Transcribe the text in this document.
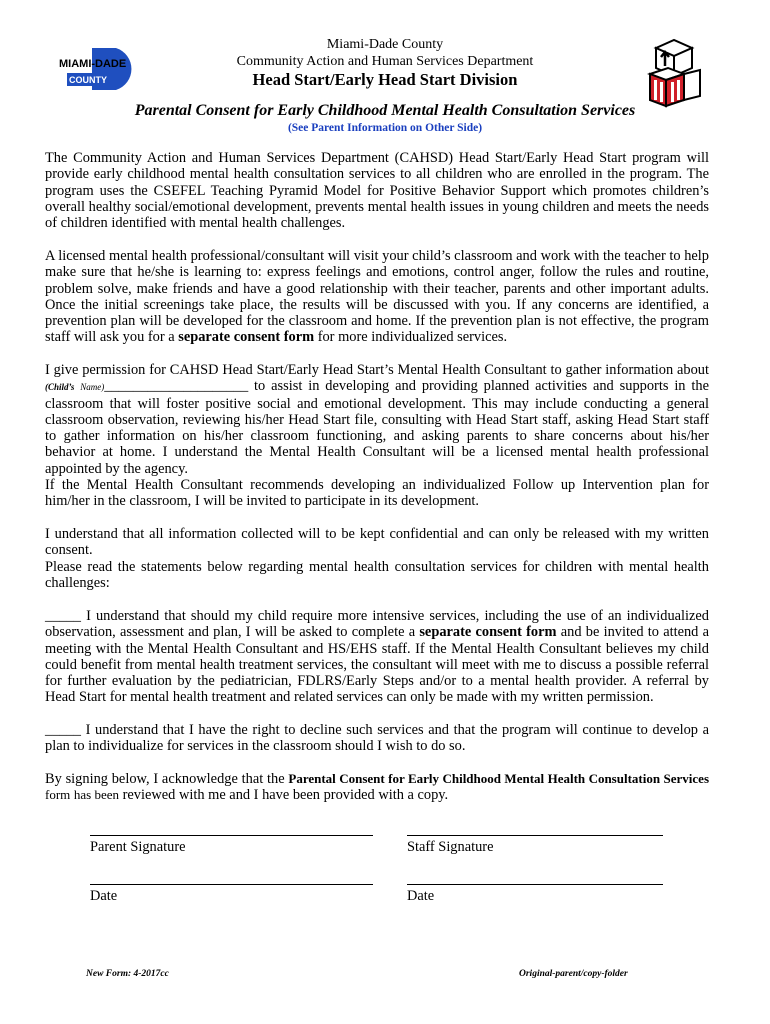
MIAMI-DADE
COUNTY
Miami-Dade County
Community Action and Human Services Department
Head Start/Early Head Start Division
Parental Consent for Early Childhood Mental Health Consultation Services
(See Parent Information on Other Side)
The Community Action and Human Services Department (CAHSD) Head Start/Early Head Start program will provide early childhood mental health consultation services to all children who are enrolled in the program. The program uses the CSEFEL Teaching Pyramid Model for Positive Behavior Support which promotes children’s overall healthy social/emotional development, prevents mental health issues in young children and meets the needs of children identified with mental health challenges.
A licensed mental health professional/consultant will visit your child’s classroom and work with the teacher to help make sure that he/she is learning to: express feelings and emotions, control anger, follow the rules and routine, problem solve, make friends and have a good relationship with their teacher, parents and other important adults. Once the initial screenings take place, the results will be discussed with you. If any concerns are identified, a prevention plan will be developed for the classroom and home. If the prevention plan is not effective, the program staff will ask you for a separate consent form for more individualized services.
I give permission for CAHSD Head Start/Early Head Start’s Mental Health Consultant to gather information about (Child’s Name)____________________ to assist in developing and providing planned activities and supports in the classroom that will foster positive social and emotional development. This may include conducting a general classroom observation, reviewing his/her Head Start file, consulting with Head Start staff, asking Head Start staff to gather information on his/her classroom functioning, and asking parents to share concerns about his/her behavior at home. I understand the Mental Health Consultant will be a licensed mental health professional appointed by the agency.
If the Mental Health Consultant recommends developing an individualized Follow up Intervention plan for him/her in the classroom, I will be invited to participate in its development.
I understand that all information collected will to be kept confidential and can only be released with my written consent.
Please read the statements below regarding mental health consultation services for children with mental health challenges:
_____ I understand that should my child require more intensive services, including the use of an individualized observation, assessment and plan, I will be asked to complete a separate consent form and be invited to attend a meeting with the Mental Health Consultant and HS/EHS staff. If the Mental Health Consultant believes my child could benefit from mental health treatment services, the consultant will meet with me to discuss a possible referral for further evaluation by the pediatrician, FDLRS/Early Steps and/or to a mental health provider. A referral by Head Start for mental health treatment and related services can only be made with my written permission.
_____ I understand that I have the right to decline such services and that the program will continue to develop a plan to individualize for services in the classroom should I wish to do so.
By signing below, I acknowledge that the Parental Consent for Early Childhood Mental Health Consultation Services form has been reviewed with me and I have been provided with a copy.
Parent Signature	Staff Signature
Date	Date
New Form: 4-2017cc	Original-parent/copy-folder
